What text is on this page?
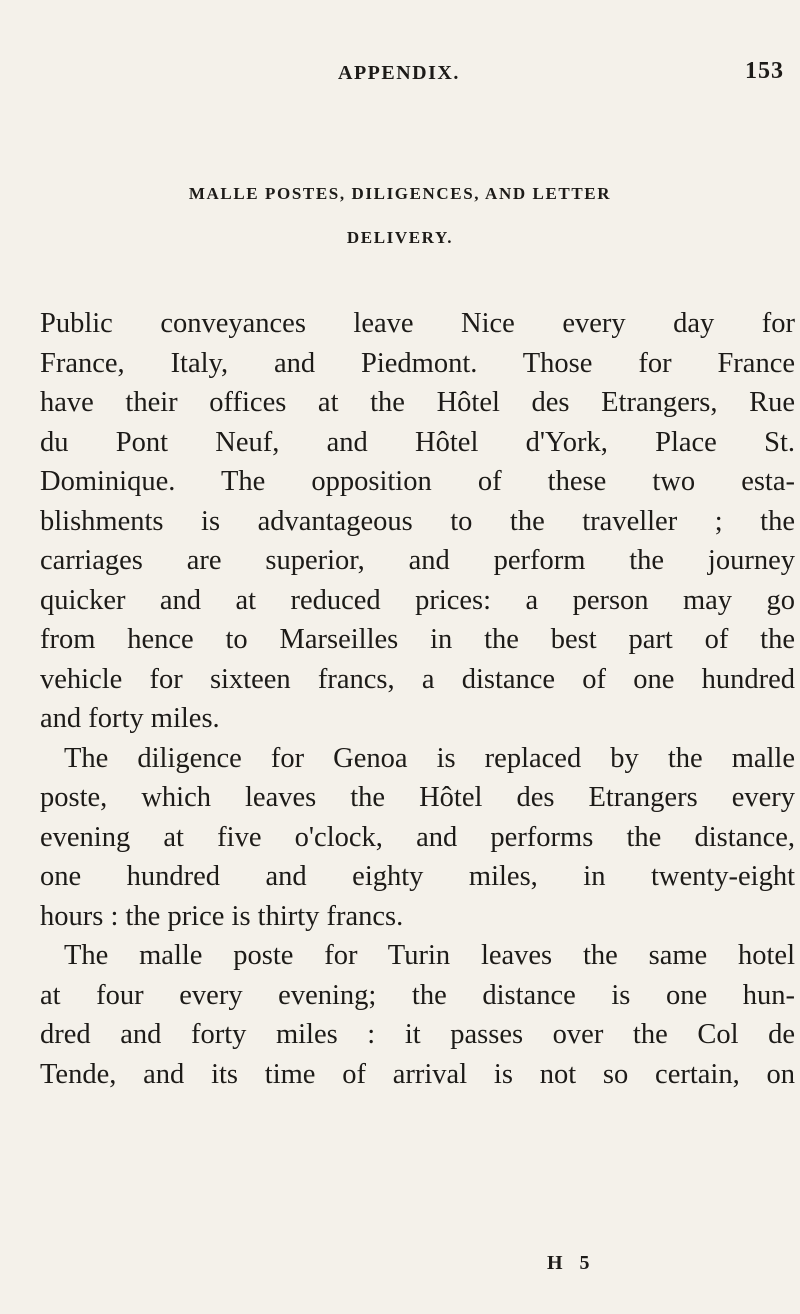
APPENDIX.	153
MALLE POSTES, DILIGENCES, AND LETTER
DELIVERY.
Public conveyances leave Nice every day for
France, Italy, and Piedmont. Those for France
have their offices at the Hôtel des Etrangers, Rue
du Pont Neuf, and Hôtel d'York, Place St.
Dominique. The opposition of these two esta-
blishments is advantageous to the traveller ; the
carriages are superior, and perform the journey
quicker and at reduced prices: a person may go
from hence to Marseilles in the best part of the
vehicle for sixteen francs, a distance of one hundred
and forty miles.
The diligence for Genoa is replaced by the malle
poste, which leaves the Hôtel des Etrangers every
evening at five o'clock, and performs the distance,
one hundred and eighty miles, in twenty-eight
hours : the price is thirty francs.
The malle poste for Turin leaves the same hotel
at four every evening; the distance is one hun-
dred and forty miles : it passes over the Col de
Tende, and its time of arrival is not so certain, on
H 5
